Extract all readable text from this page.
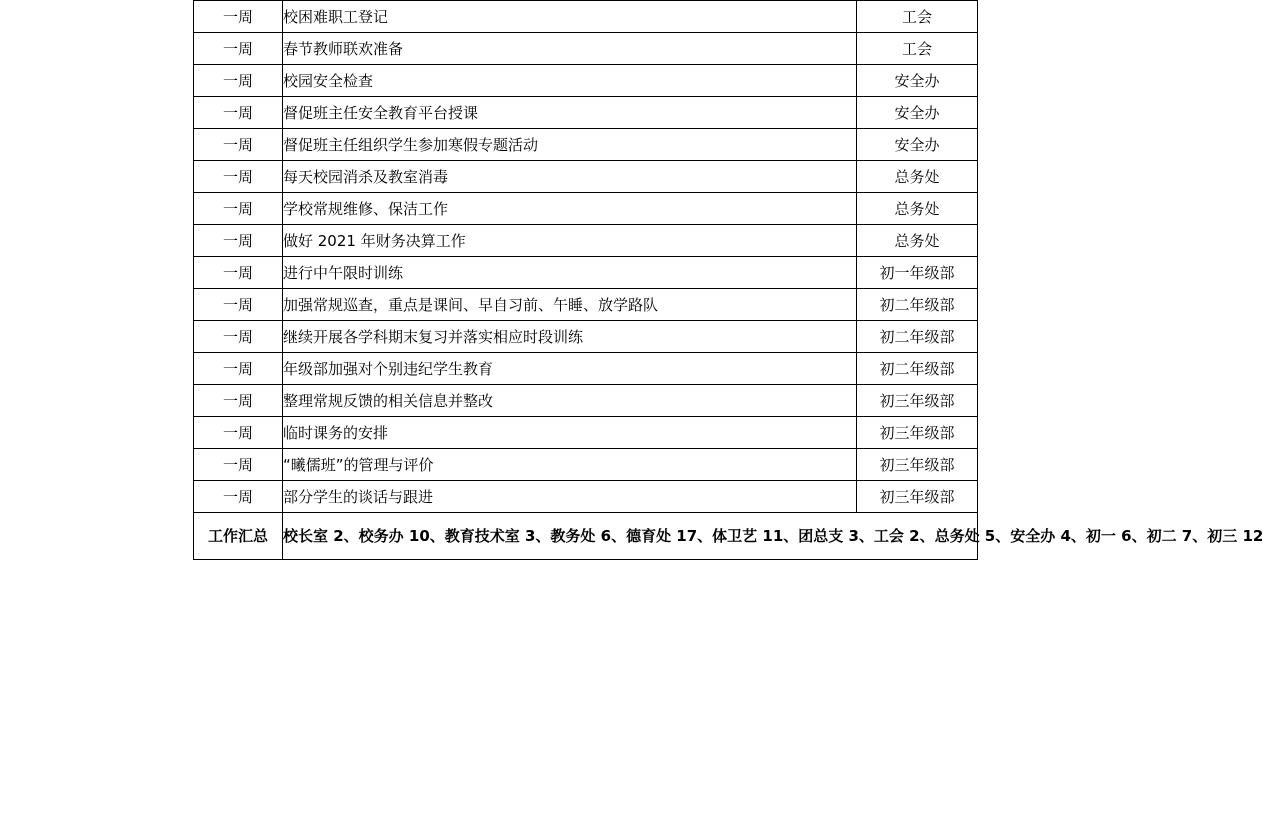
一周	校困难职工登记	工会
一周	春节教师联欢准备	工会
一周	校园安全检查	安全办
一周	督促班主任安全教育平台授课	安全办
一周	督促班主任组织学生参加寒假专题活动	安全办
一周	每天校园消杀及教室消毒	总务处
一周	学校常规维修、保洁工作	总务处
一周	做好 2021 年财务决算工作	总务处
一周	进行中午限时训练	初一年级部
一周	加强常规巡查，重点是课间、早自习前、午睡、放学路队	初二年级部
一周	继续开展各学科期末复习并落实相应时段训练	初二年级部
一周	年级部加强对个别违纪学生教育	初二年级部
一周	整理常规反馈的相关信息并整改	初三年级部
一周	临时课务的安排	初三年级部
一周	“曦儒班”的管理与评价	初三年级部
一周	部分学生的谈话与跟进	初三年级部
工作汇总	校长室 2、校务办 10、教育技术室 3、教务处 6、德育处 17、体卫艺 11、团总支 3、工会 2、总务处 5、安全办 4、初一 6、初二 7、初三 12	
